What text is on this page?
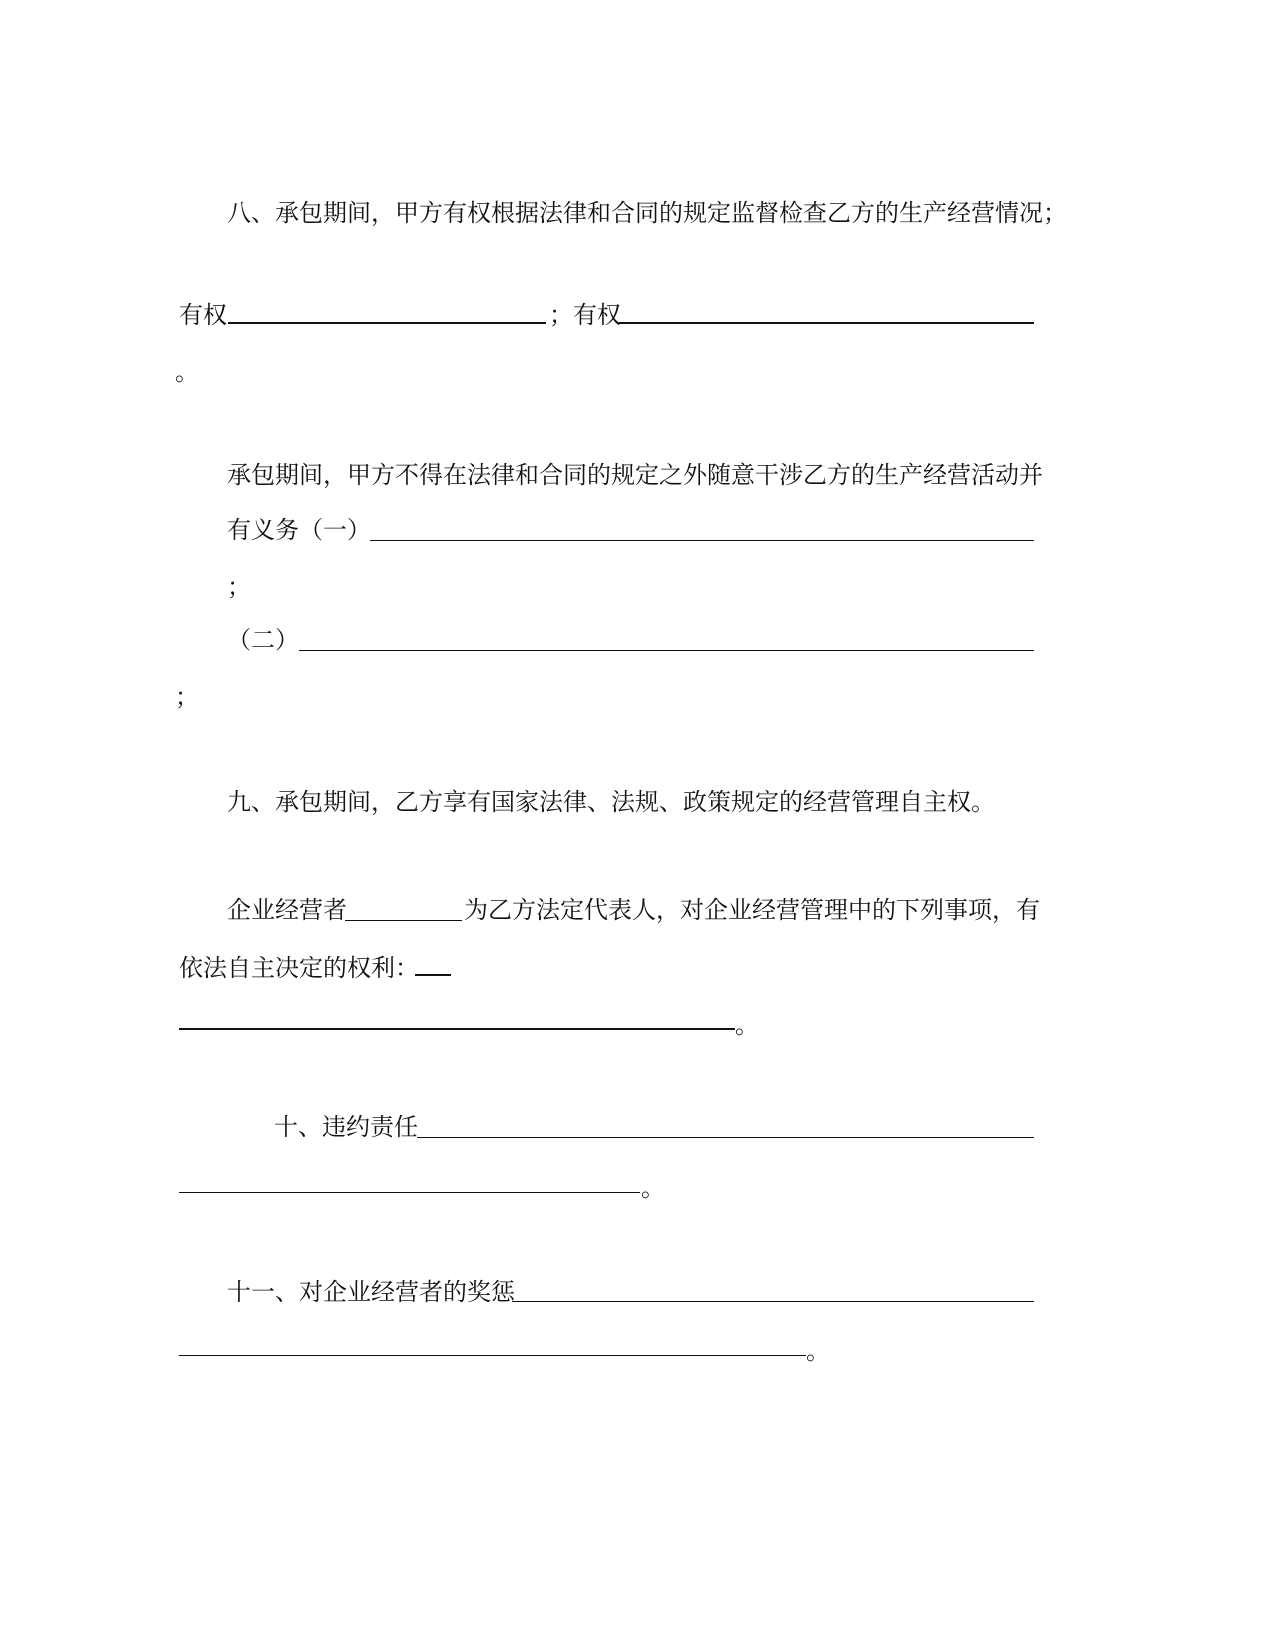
八、承包期间，甲方有权根据法律和合同的规定监督检查乙方的生产经营情况；
有权	；有权
。
承包期间，甲方不得在法律和合同的规定之外随意干涉乙方的生产经营活动并
有义务（一）
；
（二）
；
九、承包期间，乙方享有国家法律、法规、政策规定的经营管理自主权。
企业经营者	为乙方法定代表人，对企业经营管理中的下列事项，有
依法自主决定的权利：
。
十、违约责任
。
十一、对企业经营者的奖惩
。
